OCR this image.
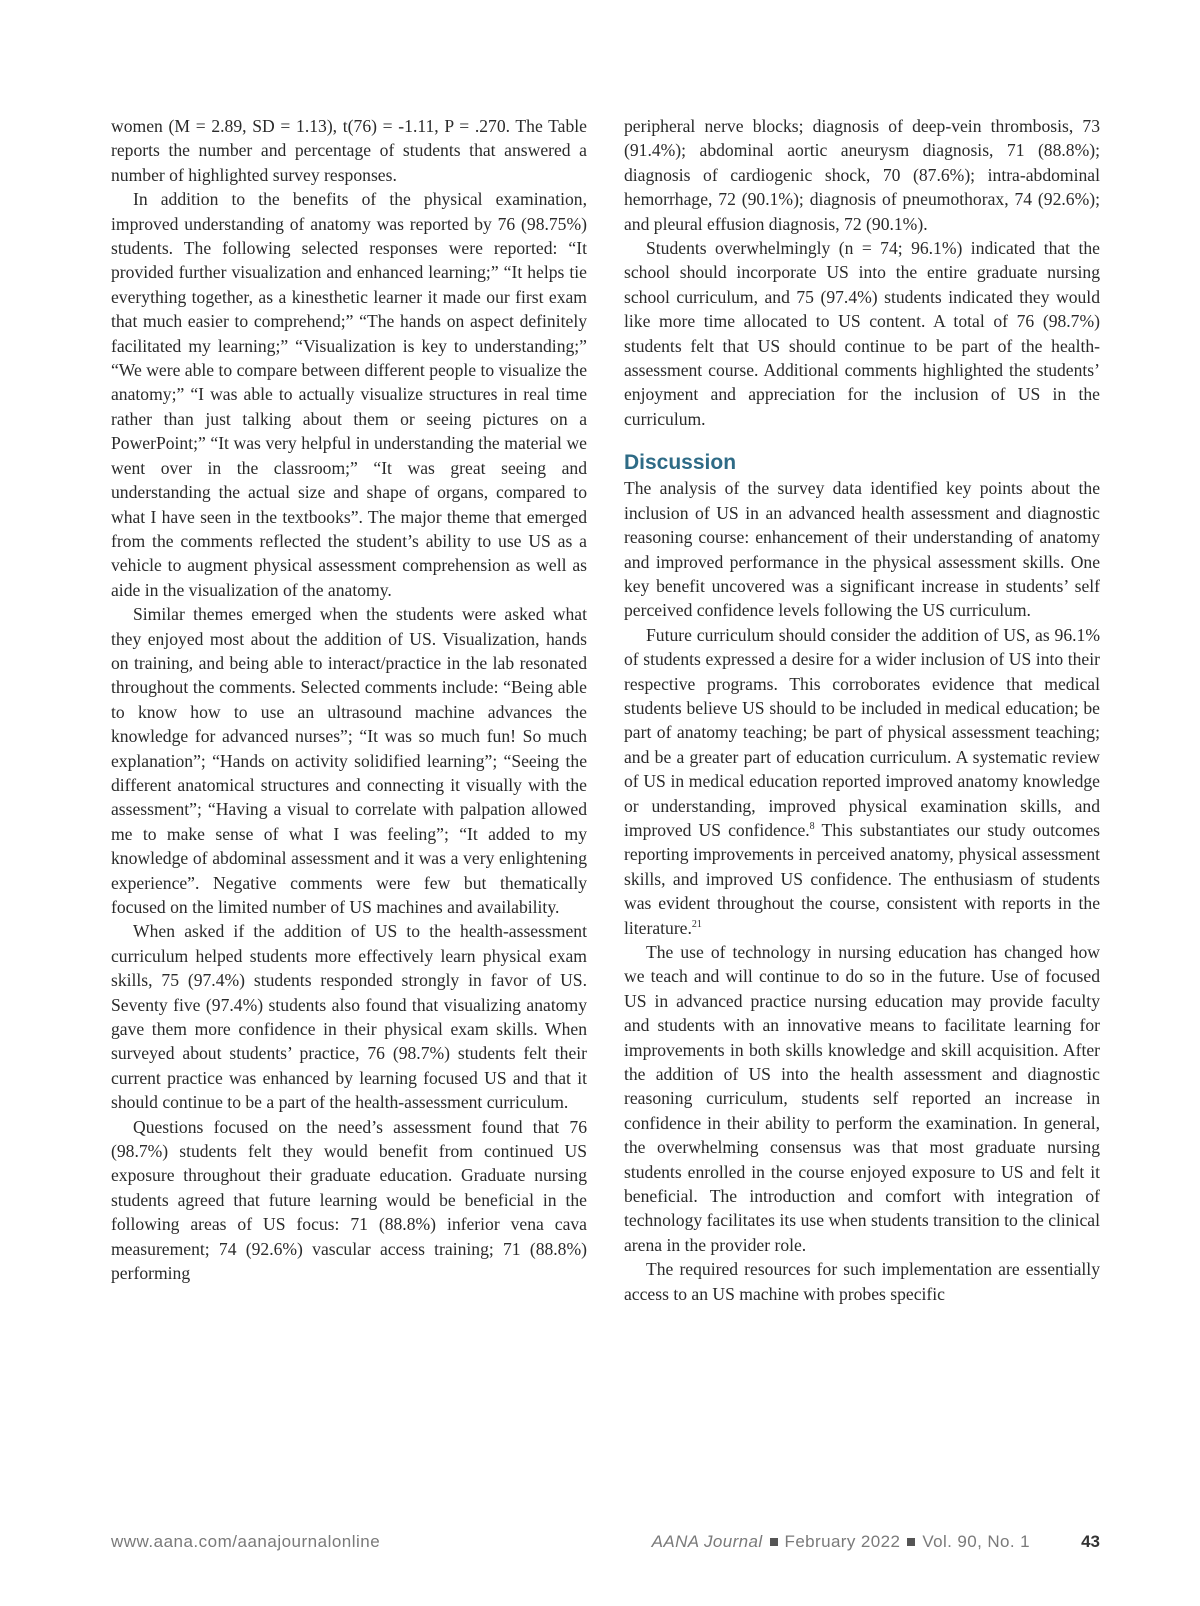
women (M = 2.89, SD = 1.13), t(76) = -1.11, P = .270. The Table reports the number and percentage of students that answered a number of highlighted survey responses.

In addition to the benefits of the physical examination, improved understanding of anatomy was reported by 76 (98.75%) students. The following selected responses were reported: “It provided further visualization and enhanced learning;” “It helps tie everything together, as a kinesthetic learner it made our first exam that much easier to comprehend;” “The hands on aspect definitely facilitated my learning;” “Visualization is key to understanding;” “We were able to compare between different people to visualize the anatomy;” “I was able to actually visualize structures in real time rather than just talking about them or seeing pictures on a PowerPoint;” “It was very helpful in understanding the material we went over in the classroom;” “It was great seeing and understanding the actual size and shape of organs, compared to what I have seen in the textbooks”. The major theme that emerged from the comments reflected the student’s ability to use US as a vehicle to augment physical assessment comprehension as well as aide in the visualization of the anatomy.

Similar themes emerged when the students were asked what they enjoyed most about the addition of US. Visualization, hands on training, and being able to interact/practice in the lab resonated throughout the comments. Selected comments include: “Being able to know how to use an ultrasound machine advances the knowledge for advanced nurses”; “It was so much fun! So much explanation”; “Hands on activity solidified learning”; “Seeing the different anatomical structures and connecting it visually with the assessment”; “Having a visual to correlate with palpation allowed me to make sense of what I was feeling”; “It added to my knowledge of abdominal assessment and it was a very enlightening experience”. Negative comments were few but thematically focused on the limited number of US machines and availability.

When asked if the addition of US to the health-assessment curriculum helped students more effectively learn physical exam skills, 75 (97.4%) students responded strongly in favor of US. Seventy five (97.4%) students also found that visualizing anatomy gave them more confidence in their physical exam skills. When surveyed about students’ practice, 76 (98.7%) students felt their current practice was enhanced by learning focused US and that it should continue to be a part of the health-assessment curriculum.

Questions focused on the need’s assessment found that 76 (98.7%) students felt they would benefit from continued US exposure throughout their graduate education. Graduate nursing students agreed that future learning would be beneficial in the following areas of US focus: 71 (88.8%) inferior vena cava measurement; 74 (92.6%) vascular access training; 71 (88.8%) performing

peripheral nerve blocks; diagnosis of deep-vein thrombosis, 73 (91.4%); abdominal aortic aneurysm diagnosis, 71 (88.8%); diagnosis of cardiogenic shock, 70 (87.6%); intra-abdominal hemorrhage, 72 (90.1%); diagnosis of pneumothorax, 74 (92.6%); and pleural effusion diagnosis, 72 (90.1%).

Students overwhelmingly (n = 74; 96.1%) indicated that the school should incorporate US into the entire graduate nursing school curriculum, and 75 (97.4%) students indicated they would like more time allocated to US content. A total of 76 (98.7%) students felt that US should continue to be part of the health-assessment course. Additional comments highlighted the students’ enjoyment and appreciation for the inclusion of US in the curriculum.

Discussion

The analysis of the survey data identified key points about the inclusion of US in an advanced health assessment and diagnostic reasoning course: enhancement of their understanding of anatomy and improved performance in the physical assessment skills. One key benefit uncovered was a significant increase in students’ self perceived confidence levels following the US curriculum.

Future curriculum should consider the addition of US, as 96.1% of students expressed a desire for a wider inclusion of US into their respective programs. This corroborates evidence that medical students believe US should to be included in medical education; be part of anatomy teaching; be part of physical assessment teaching; and be a greater part of education curriculum. A systematic review of US in medical education reported improved anatomy knowledge or understanding, improved physical examination skills, and improved US confidence.$^8$ This substantiates our study outcomes reporting improvements in perceived anatomy, physical assessment skills, and improved US confidence. The enthusiasm of students was evident throughout the course, consistent with reports in the literature.$^{21}$

The use of technology in nursing education has changed how we teach and will continue to do so in the future. Use of focused US in advanced practice nursing education may provide faculty and students with an innovative means to facilitate learning for improvements in both skills knowledge and skill acquisition. After the addition of US into the health assessment and diagnostic reasoning curriculum, students self reported an increase in confidence in their ability to perform the examination. In general, the overwhelming consensus was that most graduate nursing students enrolled in the course enjoyed exposure to US and felt it beneficial. The introduction and comfort with integration of technology facilitates its use when students transition to the clinical arena in the provider role.

The required resources for such implementation are essentially access to an US machine with probes specific

www.aana.com/aanajournalonline	AANA Journal February 2022 Vol. 90, No. 1	43
